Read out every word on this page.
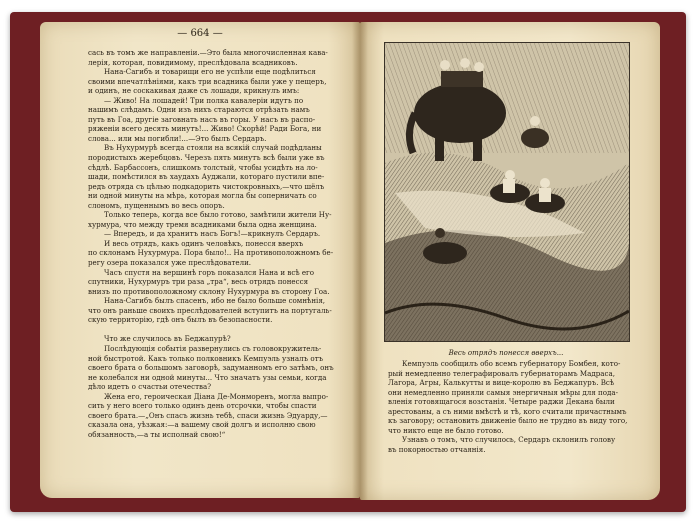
— 664 —

сась въ томъ же направленіи.—Это была многочисленная кава-

лерія, которая, повидимому, преслѣдовала всадниковъ.

Нана-Сагибъ и товарищи его не успѣли еще подѣлиться

своими впечатлѣніями, какъ три всадника были уже у пещеръ,

и одинъ, не соскакивая даже съ лошади, крикнулъ имъ:

— Живо! На лошадей! Три полка кавалеріи идутъ по

нашимъ слѣдамъ. Одни изъ нихъ стараются отрѣзать намъ

путь въ Гоа, другіе заговнать насъ въ горы. У насъ въ распо-

ряженіи всего десять минутъ!... Живо! Скорѣй! Ради Бога, ни

слова... или мы погибли!...—Это былъ Сердаръ.

Въ Нухурмурѣ всегда стояли на всякій случай подѣдланы

породистыхъ жеребцовъ. Черезъ пять минутъ всѣ были уже въ

сѣдлѣ. Барбассонъ, слишкомъ толстый, чтобы усидѣть на ло-

шади, помѣстился въ хаудахъ Ауджали, котораго пустили впе-

редъ отряда съ цѣлью подкадорить чистокровныхъ,—что шёлъ

ни одной минуты на мѣрь, которая могла бы соперничать со

слономъ, пущеннымъ во весь опоръ.

Только теперь, когда все было готово, замѣтили жители Ну-

хурмура, что между тремя всадниками была одна женщина.

— Впередъ, и да хранитъ насъ Богъ!—крикнулъ Сердаръ.

И весь отрядъ, какъ одинъ человѣкъ, понесся вверхъ

по склонамъ Нухурмура. Пора было!.. На противоположномъ бе-

регу озера показался уже преслѣдователи.

Часъ спустя на вершинѣ горъ показался Нана и всѣ его

спутники, Нухурмуръ три раза „тра“, весь отрядъ понесся

внизъ по противоположному склону Нухурмура въ сторону Гоа.

Нана-Сагибъ былъ спасенъ, ибо не было больше сомнѣнія,

что онъ раньше своихъ преслѣдователей вступитъ на португаль-

скую территорію, гдѣ онъ былъ въ безопасности.

Что же случилось въ Беджапурѣ?

Послѣдующія событія развернулись съ головокружитель-

ной быстротой. Какъ только полковникъ Кемпуэль узналъ отъ

своего брата о большомъ заговорѣ, задуманномъ его затѣмъ, онъ

не колебался ни одной минуты... Что значатъ узы семьи, когда

дѣло идетъ о счастьи отечества?

Жена его, героическая Діана Де-Монморенъ, могла выпро-

сить у него всего только одинъ день отсрочки, чтобы спасти

своего брата.—„Онъ спасъ жизнь тебѣ, спаси жизнь Эдуарду,—

сказала она, уѣзжая:—а вашему свой долгъ и исполню свою

обязанность,—а ты исполнай свою!“

Весь отрядъ понесся вверхъ...

Кемпуэль сообщилъ обо всемъ губернатору Бомбея, кото-

рый немедленно телеграфировалъ губернаторамъ Мадраса,

Лагора, Агры, Калькутты и вице-королю въ Беджапуръ. Всѣ

они немедленно приняли самыя энергичныя мѣры для пода-

вленія готовящагося возстанія. Четыре раджи Декана были

арестованы, а съ ними вмѣстѣ и тѣ, кого считали причастнымъ

къ заговору; остановить движеніе было не трудно въ виду того,

что никто еще не было готово.

Узнавъ о томъ, что случилось, Сердаръ склонилъ голову

въ покорностью отчаянія.
